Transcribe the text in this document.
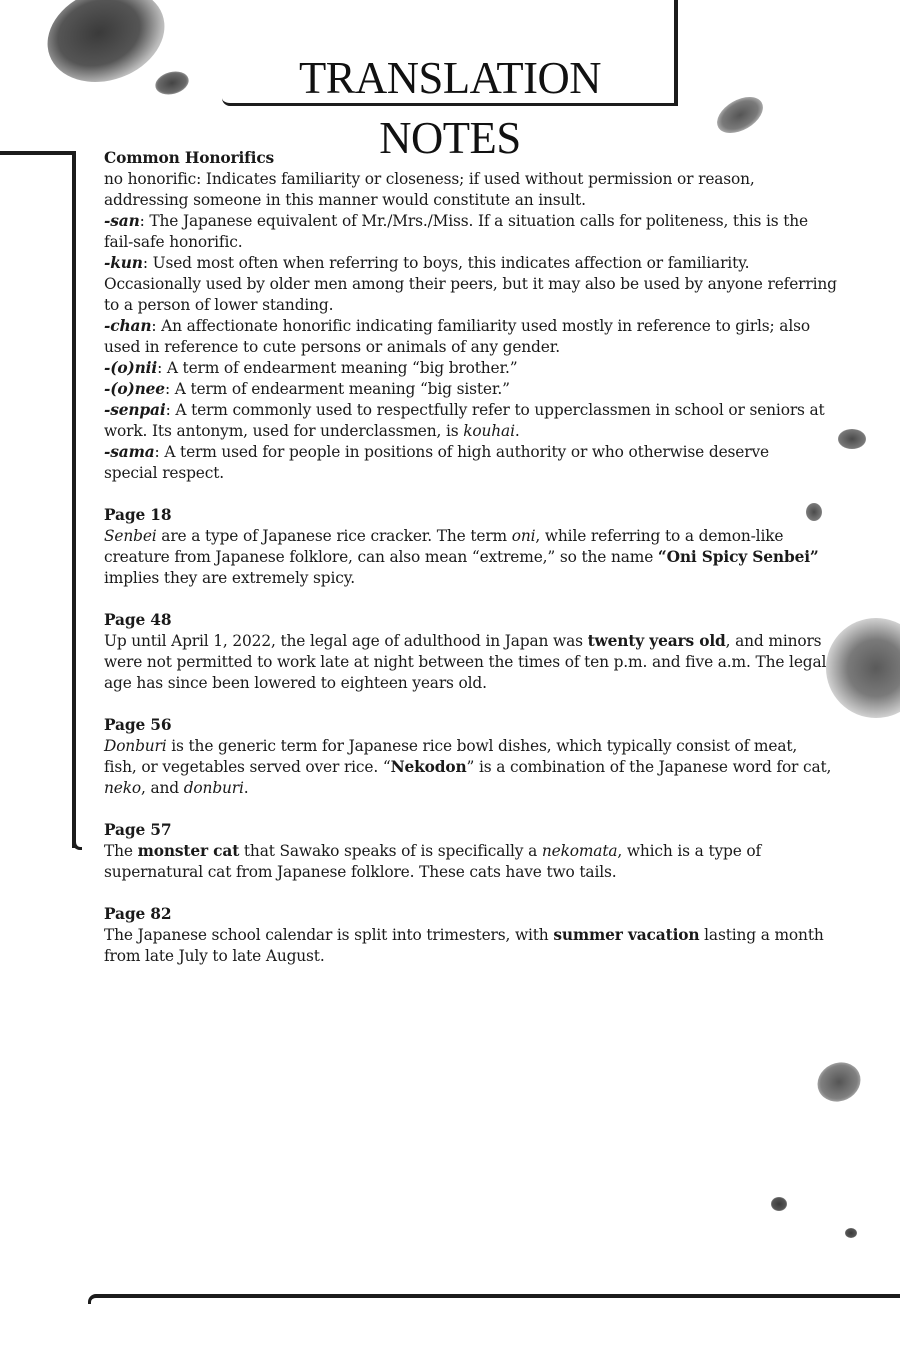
TRANSLATION NOTES
Common Honorifics
no honorific: Indicates familiarity or closeness; if used without permission or reason,
addressing someone in this manner would constitute an insult.
-san: The Japanese equivalent of Mr./Mrs./Miss. If a situation calls for politeness, this is the
fail-safe honorific.
-kun: Used most often when referring to boys, this indicates affection or familiarity.
Occasionally used by older men among their peers, but it may also be used by anyone referring
to a person of lower standing.
-chan: An affectionate honorific indicating familiarity used mostly in reference to girls; also
used in reference to cute persons or animals of any gender.
-(o)nii: A term of endearment meaning “big brother.”
-(o)nee: A term of endearment meaning “big sister.”
-senpai: A term commonly used to respectfully refer to upperclassmen in school or seniors at
work. Its antonym, used for underclassmen, is kouhai.
-sama: A term used for people in positions of high authority or who otherwise deserve
special respect.
Page 18
Senbei are a type of Japanese rice cracker. The term oni, while referring to a demon-like
creature from Japanese folklore, can also mean “extreme,” so the name “Oni Spicy Senbei”
implies they are extremely spicy.
Page 48
Up until April 1, 2022, the legal age of adulthood in Japan was twenty years old, and minors
were not permitted to work late at night between the times of ten p.m. and five a.m. The legal
age has since been lowered to eighteen years old.
Page 56
Donburi is the generic term for Japanese rice bowl dishes, which typically consist of meat,
fish, or vegetables served over rice. “Nekodon” is a combination of the Japanese word for cat,
neko, and donburi.
Page 57
The monster cat that Sawako speaks of is specifically a nekomata, which is a type of
supernatural cat from Japanese folklore. These cats have two tails.
Page 82
The Japanese school calendar is split into trimesters, with summer vacation lasting a month
from late July to late August.
